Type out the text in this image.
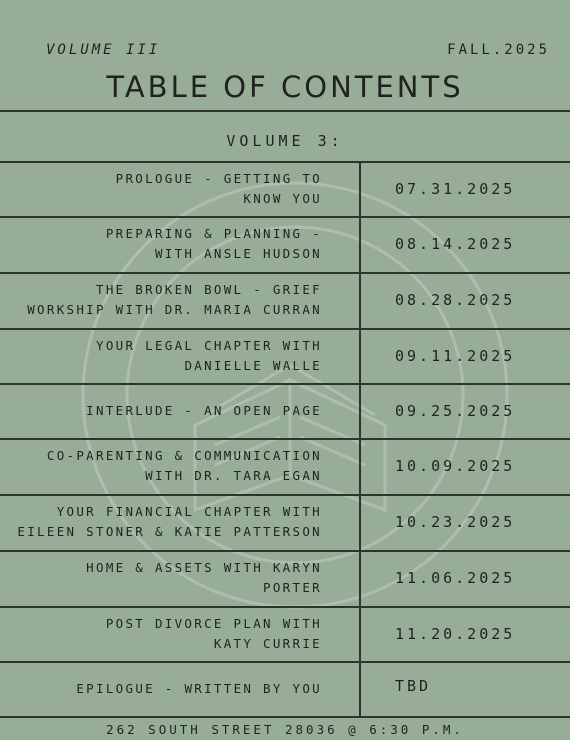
VOLUME III	FALL.2025
TABLE OF CONTENTS
VOLUME 3:
PROLOGUE - GETTING TO
KNOW YOU
07.31.2025
PREPARING & PLANNING -
WITH ANSLE HUDSON
08.14.2025
THE BROKEN BOWL - GRIEF
WORKSHIP WITH DR. MARIA CURRAN
08.28.2025
YOUR LEGAL CHAPTER WITH
DANIELLE WALLE
09.11.2025
INTERLUDE - AN OPEN PAGE	09.25.2025
CO-PARENTING & COMMUNICATION
WITH DR. TARA EGAN
10.09.2025
YOUR FINANCIAL CHAPTER WITH
EILEEN STONER & KATIE PATTERSON
10.23.2025
HOME & ASSETS WITH KARYN
PORTER
11.06.2025
POST DIVORCE PLAN WITH
KATY CURRIE
11.20.2025
EPILOGUE - WRITTEN BY YOU	TBD
262 SOUTH STREET 28036 @ 6:30 P.M.
